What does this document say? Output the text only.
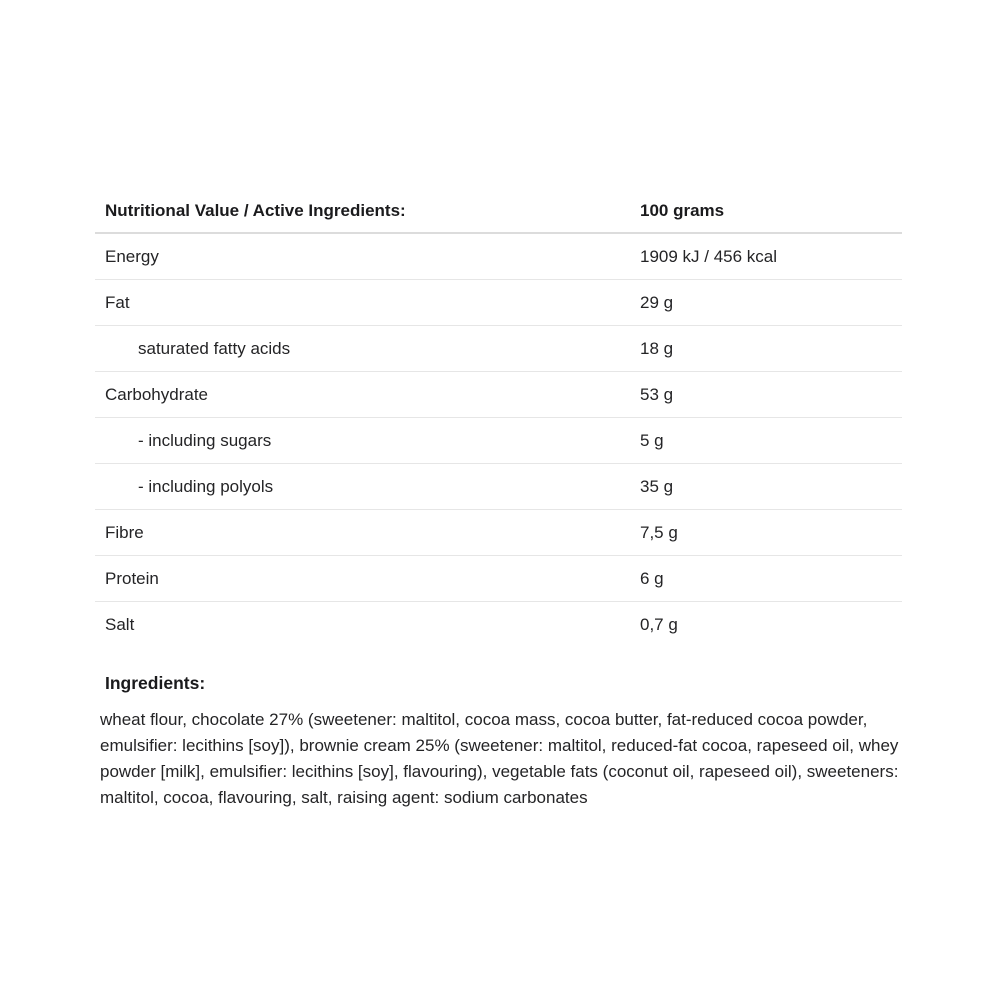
Nutritional Value / Active Ingredients:	100 grams
Energy	1909 kJ / 456 kcal
Fat	29 g
saturated fatty acids	18 g
Carbohydrate	53 g
- including sugars	5 g
- including polyols	35 g
Fibre	7,5 g
Protein	6 g
Salt	0,7 g
Ingredients:

wheat flour, chocolate 27% (sweetener: maltitol, cocoa mass, cocoa butter, fat-reduced cocoa powder, emulsifier: lecithins [soy]), brownie cream 25% (sweetener: maltitol, reduced-fat cocoa, rapeseed oil, whey powder [milk], emulsifier: lecithins [soy], flavouring), vegetable fats (coconut oil, rapeseed oil), sweeteners: maltitol, cocoa, flavouring, salt, raising agent: sodium carbonates
